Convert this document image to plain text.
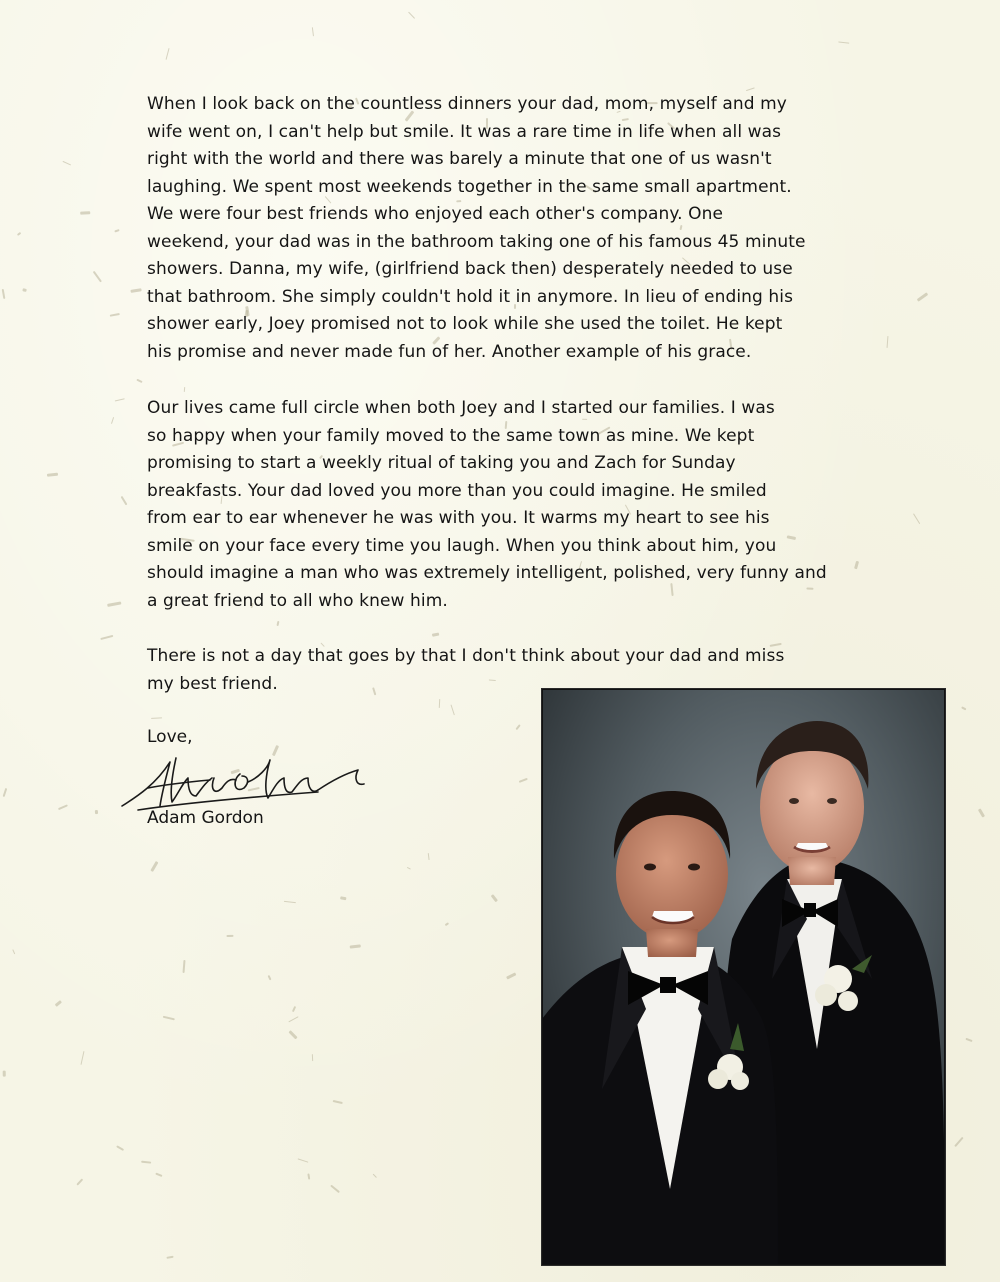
When I look back on the countless dinners your dad, mom, myself and my
wife went on, I can't help but smile. It was a rare time in life when all was
right with the world and there was barely a minute that one of us wasn't
laughing. We spent most weekends together in the same small apartment.
We were four best friends who enjoyed each other's company. One
weekend, your dad was in the bathroom taking one of his famous 45 minute
showers. Danna, my wife, (girlfriend back then) desperately needed to use
that bathroom. She simply couldn't hold it in anymore. In lieu of ending his
shower early, Joey promised not to look while she used the toilet. He kept
his promise and never made fun of her. Another example of his grace.
Our lives came full circle when both Joey and I started our families. I was
so happy when your family moved to the same town as mine. We kept
promising to start a weekly ritual of taking you and Zach for Sunday
breakfasts. Your dad loved you more than you could imagine. He smiled
from ear to ear whenever he was with you. It warms my heart to see his
smile on your face every time you laugh. When you think about him, you
should imagine a man who was extremely intelligent, polished, very funny and
a great friend to all who knew him.
There is not a day that goes by that I don't think about your dad and miss
my best friend.
Love,
Adam Gordon
